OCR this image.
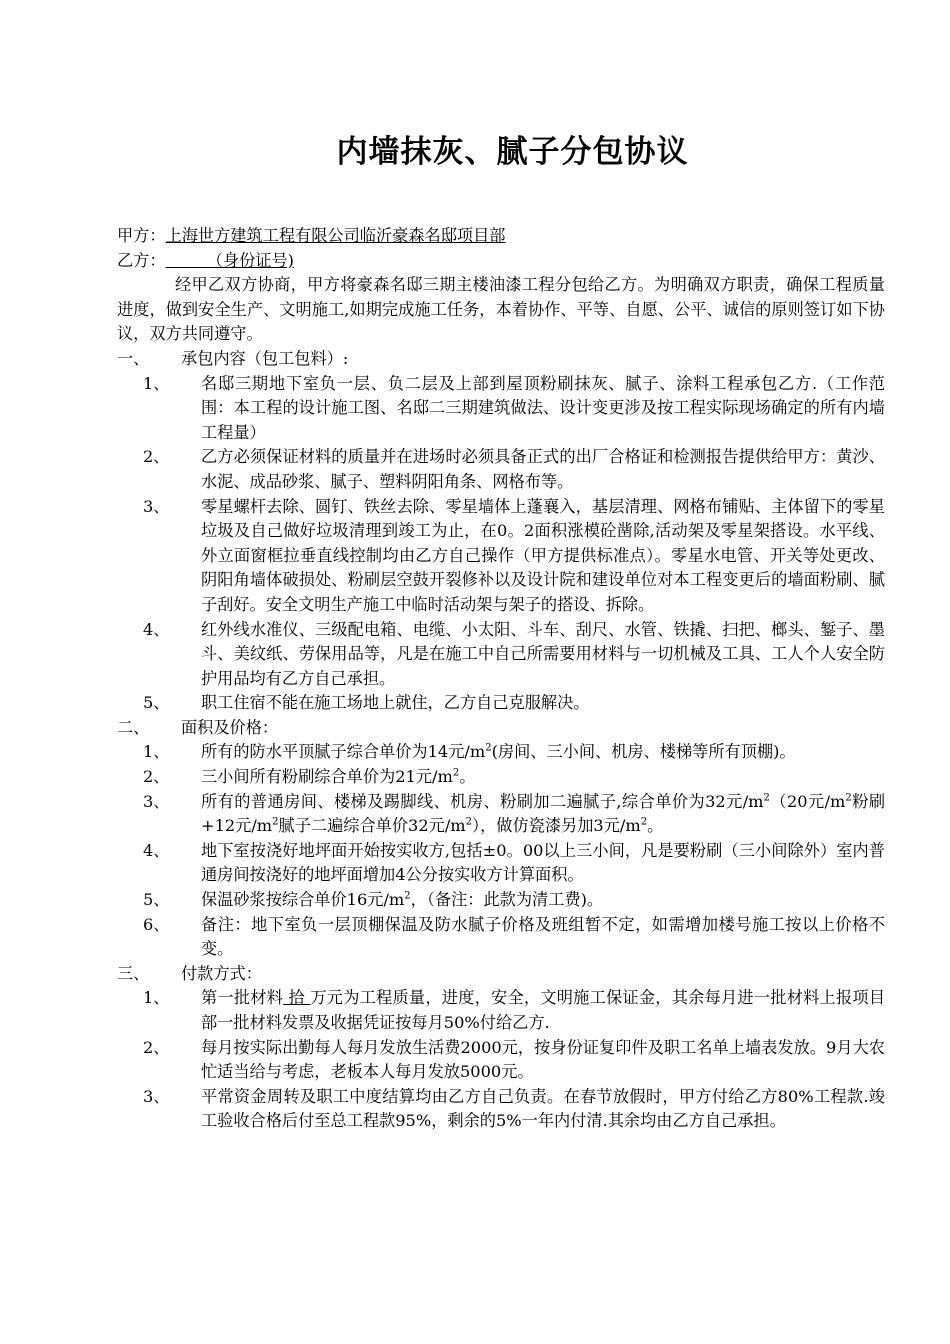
内墙抹灰、腻子分包协议
甲方：上海世方建筑工程有限公司临沂豪森名邸项目部
乙方：	（身份证号)
经甲乙双方协商，甲方将豪森名邸三期主楼油漆工程分包给乙方。为明确双方职责，确保工程质量进度，做到安全生产、文明施工,如期完成施工任务，本着协作、平等、自愿、公平、诚信的原则签订如下协议，双方共同遵守。
一、	承包内容（包工包料）:
1、	名邸三期地下室负一层、负二层及上部到屋顶粉刷抹灰、腻子、涂料工程承包乙方.（工作范围：本工程的设计施工图、名邸二三期建筑做法、设计变更涉及按工程实际现场确定的所有内墙工程量）
2、	乙方必须保证材料的质量并在进场时必须具备正式的出厂合格证和检测报告提供给甲方：黄沙、水泥、成品砂浆、腻子、塑料阴阳角条、网格布等。
3、	零星螺杆去除、圆钉、铁丝去除、零星墙体上蓬襄入，基层清理、网格布铺贴、主体留下的零星垃圾及自己做好垃圾清理到竣工为止，在0。2面积涨模砼凿除,活动架及零星架搭设。水平线、外立面窗框拉垂直线控制均由乙方自己操作（甲方提供标准点）。零星水电管、开关等处更改、阴阳角墙体破损处、粉刷层空鼓开裂修补以及设计院和建设单位对本工程变更后的墙面粉刷、腻子刮好。安全文明生产施工中临时活动架与架子的搭设、拆除。
4、	红外线水准仪、三级配电箱、电缆、小太阳、斗车、刮尺、水管、铁撬、扫把、榔头、錾子、墨斗、美纹纸、劳保用品等，凡是在施工中自己所需要用材料与一切机械及工具、工人个人安全防护用品均有乙方自己承担。
5、	职工住宿不能在施工场地上就住，乙方自己克服解决。
二、	面积及价格：
1、	所有的防水平顶腻子综合单价为14元$/m^2$(房间、三小间、机房、楼梯等所有顶棚)。
2、	三小间所有粉刷综合单价为21元$/m^2$。
3、	所有的普通房间、楼梯及踢脚线、机房、粉刷加二遍腻子,综合单价为32元$/m^2(20$元$/m^2$粉刷+12元$/m^2$腻子二遍综合单价32元$/m^2$），做仿瓷漆另加3元$/m^2$。
4、	地下室按浇好地坪面开始按实收方,包括±0。00以上三小间，凡是要粉刷（三小间除外）室内普通房间按浇好的地坪面增加4公分按实收方计算面积。
5、	保温砂浆按综合单价16元$/m^2$，（备注：此款为清工费)。
6、	备注：地下室负一层顶棚保温及防水腻子价格及班组暂不定，如需增加楼号施工按以上价格不变。
三、	付款方式：
1、	第一批材料 拾 万元为工程质量，进度，安全，文明施工保证金，其余每月进一批材料上报项目部一批材料发票及收据凭证按每月50%付给乙方.
2、	每月按实际出勤每人每月发放生活费2000元，按身份证复印件及职工名单上墙表发放。9月大农忙适当给与考虑，老板本人每月发放5000元。
3、	平常资金周转及职工中度结算均由乙方自己负责。在春节放假时，甲方付给乙方80%工程款.竣工验收合格后付至总工程款95%，剩余的5%一年内付清.其余均由乙方自己承担。
